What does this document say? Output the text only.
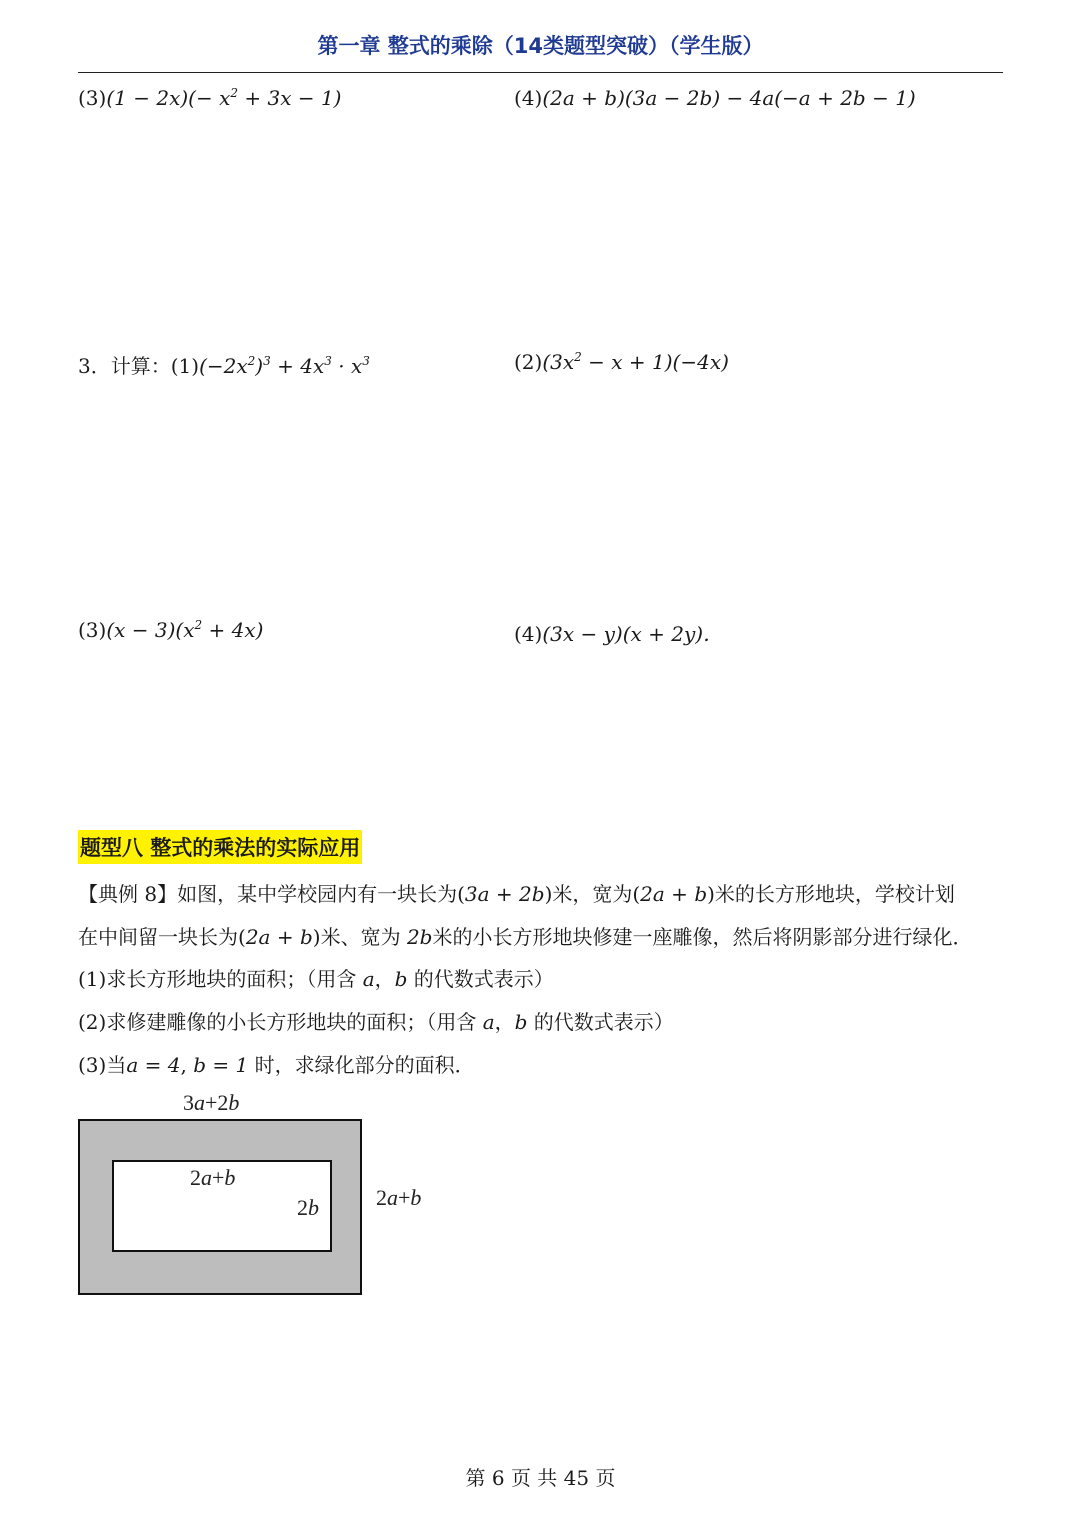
第一章 整式的乘除（14类题型突破）（学生版）
$(3)(1 - 2x)(- x^2 + 3x - 1)$	(4)(2a + b)(3a − 2b) − 4a(−a + 2b − 1)
3．计算：$(1)(-2x^2)^3 + 4x^3 \cdot x^3$	$(2)(3x^2 - x + 1)(-4x)$
$(3)(x - 3)(x^2 + 4x)$	(4)(3x − y)(x + 2y)．
题型八 整式的乘法的实际应用
【典例 8】如图，某中学校园内有一块长为(3a + 2b)米，宽为(2a + b)米的长方形地块，学校计划
在中间留一块长为(2a + b)米、宽为 2b米的小长方形地块修建一座雕像，然后将阴影部分进行绿化．
(1)求长方形地块的面积；（用含 a，b 的代数式表示）
(2)求修建雕像的小长方形地块的面积；（用含 a，b 的代数式表示）
(3)当a = 4, b = 1 时，求绿化部分的面积．
3a+2b
2a+b
2b	2a+b
第 6 页 共 45 页
